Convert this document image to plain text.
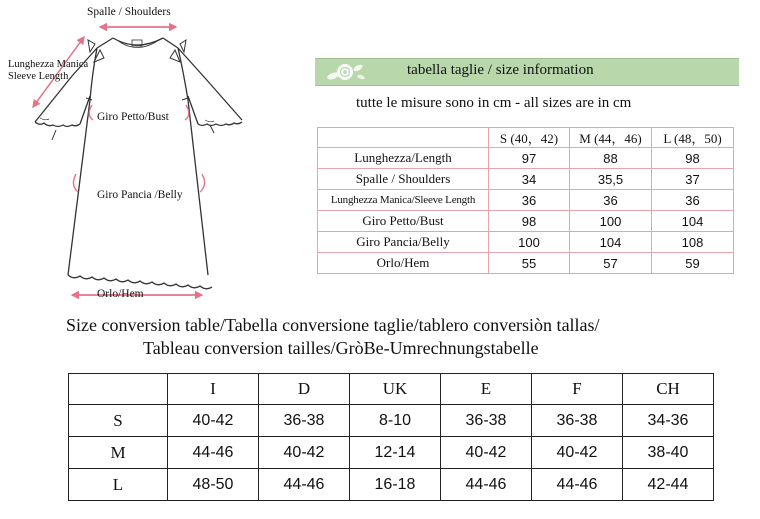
Spalle / Shoulders
Lunghezza Manica
Sleeve Length
Giro Petto/Bust
Giro Pancia /Belly
Orlo/Hem
tabella taglie / size information
tutte le misure sono in cm - all sizes are in cm
	S (40，42)	M (44，46)	L (48，50)
Lunghezza/Length	97	88	98
Spalle / Shoulders	34	35,5	37
Lunghezza Manica/Sleeve Length	36	36	36
Giro Petto/Bust	98	100	104
Giro Pancia/Belly	100	104	108
Orlo/Hem	55	57	59
Size conversion table/Tabella conversione taglie/tablero conversiòn tallas/
Tableau conversion tailles/GròBe-Umrechnungstabelle
	I	D	UK	E	F	CH
S	40-42	36-38	8-10	36-38	36-38	34-36
M	44-46	40-42	12-14	40-42	40-42	38-40
L	48-50	44-46	16-18	44-46	44-46	42-44
